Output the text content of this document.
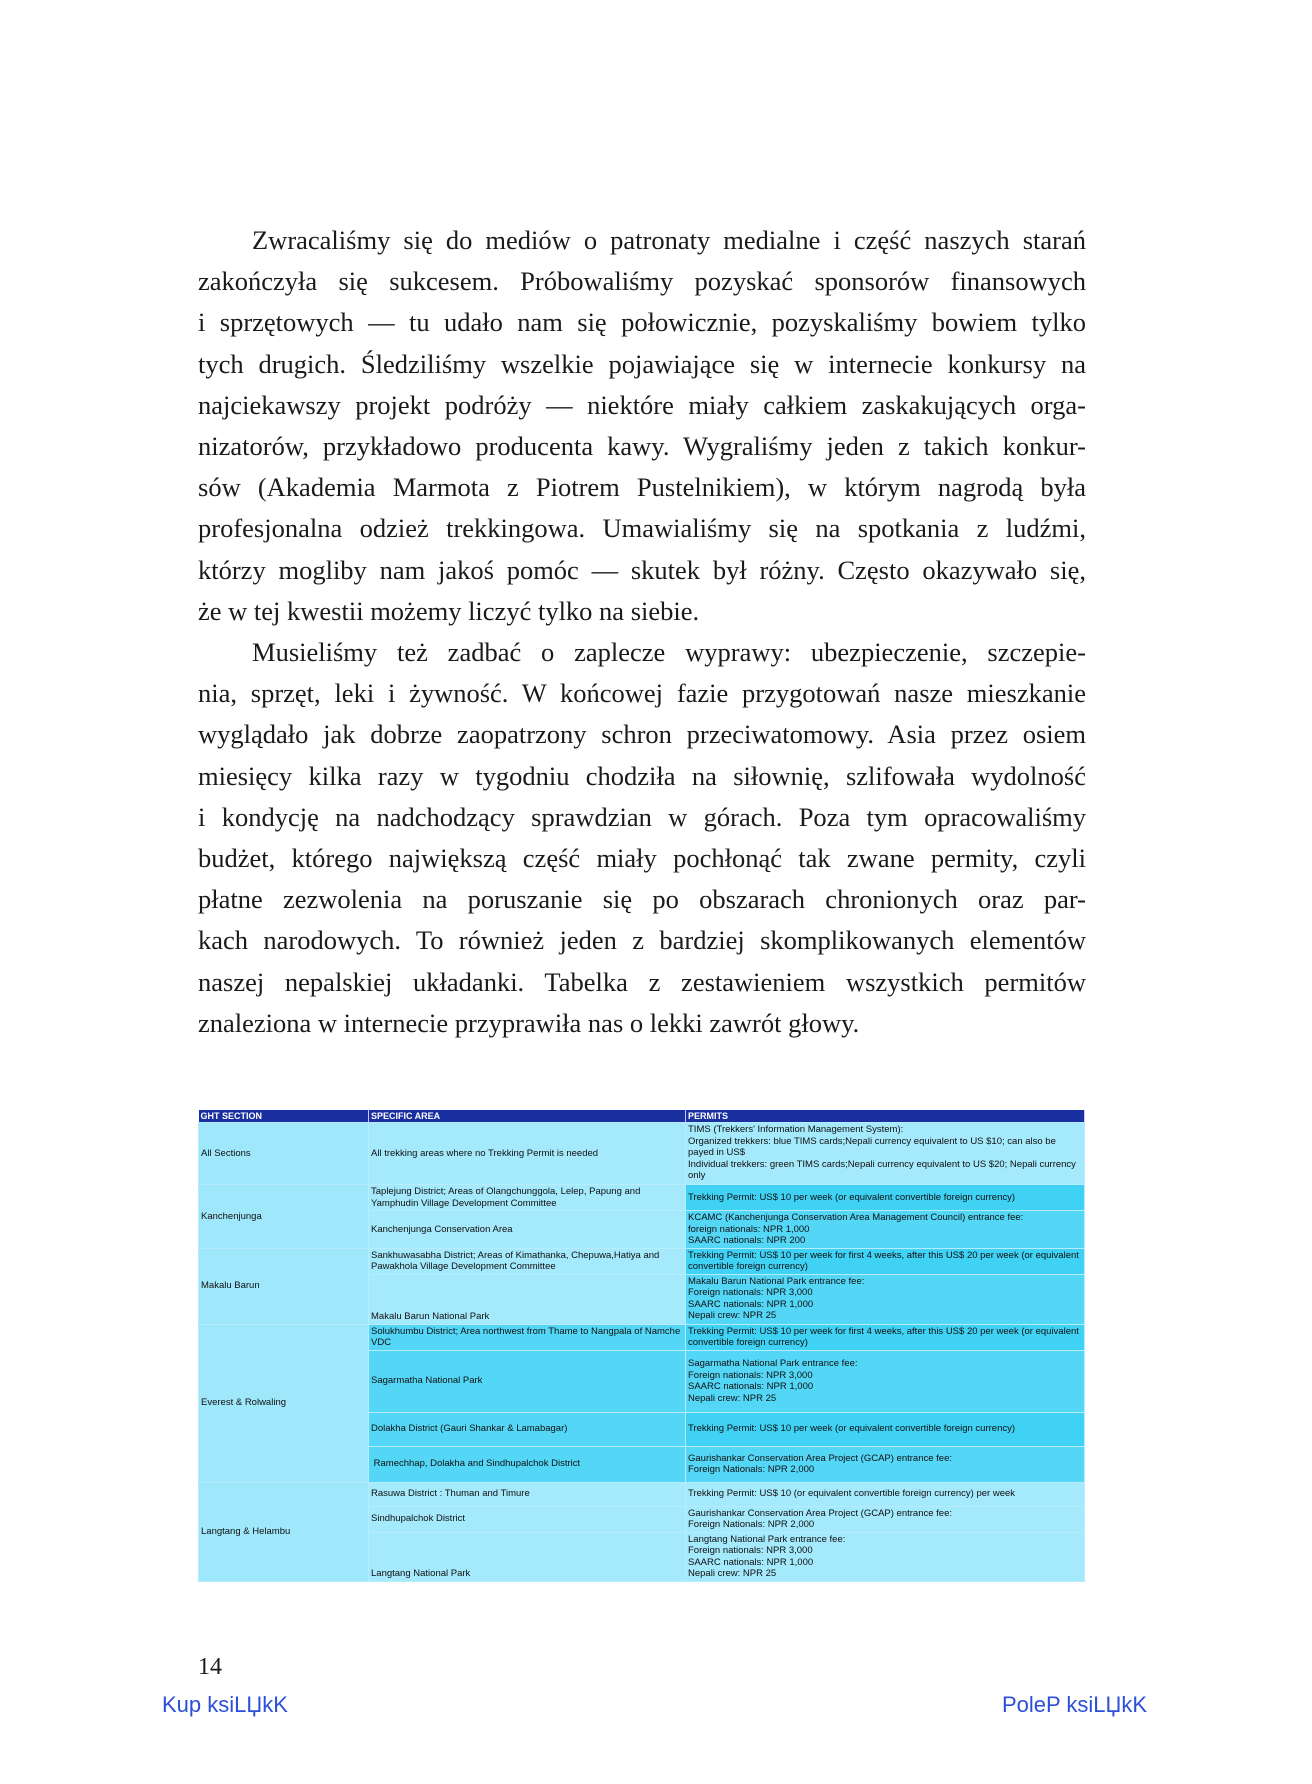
Zwracaliśmy się do mediów o patronaty medialne i część naszych starań
zakończyła się sukcesem. Próbowaliśmy pozyskać sponsorów finansowych
i sprzętowych — tu udało nam się połowicznie, pozyskaliśmy bowiem tylko
tych drugich. Śledziliśmy wszelkie pojawiające się w internecie konkursy na
najciekawszy projekt podróży — niektóre miały całkiem zaskakujących orga-
nizatorów, przykładowo producenta kawy. Wygraliśmy jeden z takich konkur-
sów (Akademia Marmota z Piotrem Pustelnikiem), w którym nagrodą była
profesjonalna odzież trekkingowa. Umawialiśmy się na spotkania z ludźmi,
którzy mogliby nam jakoś pomóc — skutek był różny. Często okazywało się,
że w tej kwestii możemy liczyć tylko na siebie.

Musieliśmy też zadbać o zaplecze wyprawy: ubezpieczenie, szczepie-
nia, sprzęt, leki i żywność. W końcowej fazie przygotowań nasze mieszkanie
wyglądało jak dobrze zaopatrzony schron przeciwatomowy. Asia przez osiem
miesięcy kilka razy w tygodniu chodziła na siłownię, szlifowała wydolność
i kondycję na nadchodzący sprawdzian w górach. Poza tym opracowaliśmy
budżet, którego największą część miały pochłonąć tak zwane permity, czyli
płatne zezwolenia na poruszanie się po obszarach chronionych oraz par-
kach narodowych. To również jeden z bardziej skomplikowanych elementów
naszej nepalskiej układanki. Tabelka z zestawieniem wszystkich permitów
znaleziona w internecie przyprawiła nas o lekki zawrót głowy.

GHT SECTION	SPECIFIC AREA	PERMITS
All Sections	All trekking areas where no Trekking Permit is needed	TIMS (Trekkers' Information Management System):
Organized trekkers: blue TIMS cards;Nepali currency equivalent to US $10; can also be payed in US$
Individual trekkers: green TIMS cards;Nepali currency equivalent to US $20; Nepali currency only

Kanchenjunga	Taplejung District; Areas of Olangchunggola, Lelep, Papung and Yamphudin Village Development Committee	Trekking Permit: US$ 10 per week (or equivalent convertible foreign currency)
	Kanchenjunga Conservation Area	KCAMC (Kanchenjunga Conservation Area Management Council) entrance fee:
foreign nationals: NPR 1,000
SAARC nationals: NPR 200

Makalu Barun	Sankhuwasabha District; Areas of Kimathanka, Chepuwa,Hatiya and Pawakhola Village Development Committee	Trekking Permit: US$ 10 per week for first 4 weeks, after this US$ 20 per week (or equivalent convertible foreign currency)
	Makalu Barun National Park	Makalu Barun National Park entrance fee:
Foreign nationals: NPR 3,000
SAARC nationals: NPR 1,000
Nepali crew: NPR 25

Everest & Rolwaling	Solukhumbu District; Area northwest from Thame to Nangpala of Namche VDC	Trekking Permit: US$ 10 per week for first 4 weeks, after this US$ 20 per week (or equivalent convertible foreign currency)
	Sagarmatha National Park	Sagarmatha National Park entrance fee:
Foreign nationals: NPR 3,000
SAARC nationals: NPR 1,000
Nepali crew: NPR 25

	Dolakha District (Gauri Shankar & Lamabagar)	Trekking Permit: US$ 10 per week (or equivalent convertible foreign currency)
	Ramechhap, Dolakha and Sindhupalchok District	Gaurishankar Conservation Area Project (GCAP) entrance fee:
Foreign Nationals: NPR 2,000

Langtang & Helambu	Rasuwa District : Thuman and Timure	Trekking Permit: US$ 10 (or equivalent convertible foreign currency) per week
	Sindhupalchok District	Gaurishankar Conservation Area Project (GCAP) entrance fee:
Foreign Nationals: NPR 2,000

	Langtang National Park	Langtang National Park entrance fee:
Foreign nationals: NPR 3,000
SAARC nationals: NPR 1,000
Nepali crew: NPR 25
14
Kup ksiLЏkK	PoleP ksiLЏkK
